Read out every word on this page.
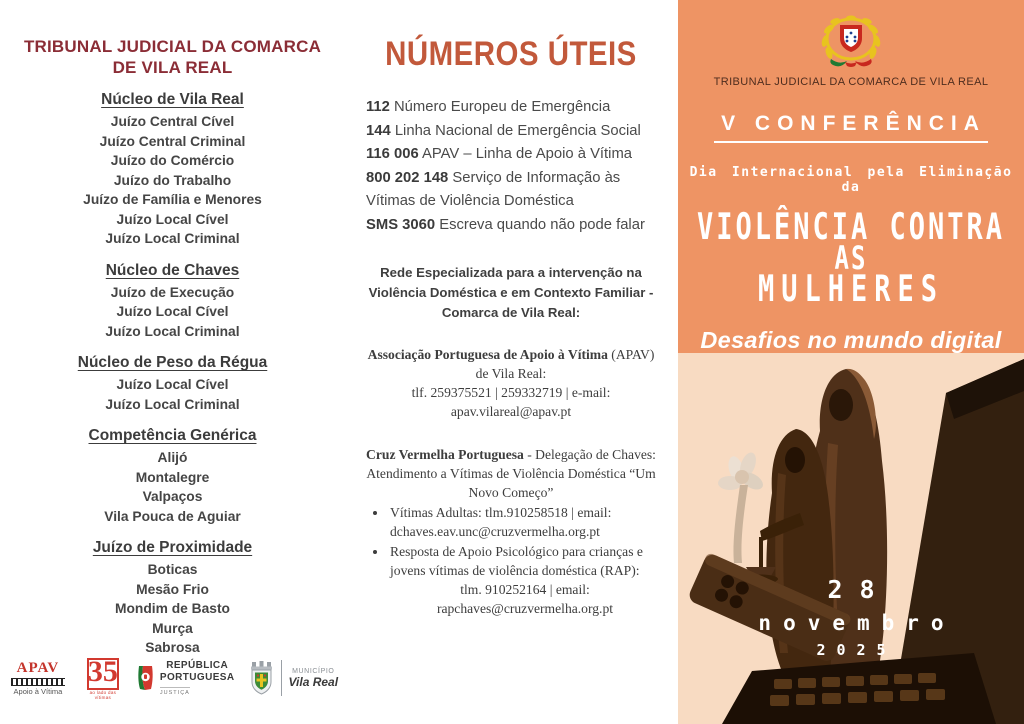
TRIBUNAL JUDICIAL DA COMARCA DE VILA REAL
Núcleo de Vila Real
Juízo Central Cível
Juízo Central Criminal
Juízo do Comércio
Juízo do Trabalho
Juízo de Família e Menores
Juízo Local Cível
Juízo Local Criminal
Núcleo de Chaves
Juízo de Execução
Juízo Local Cível
Juízo Local Criminal
Núcleo de Peso da Régua
Juízo Local Cível
Juízo Local Criminal
Competência Genérica
Alijó
Montalegre
Valpaços
Vila Pouca de Aguiar
Juízo de Proximidade
Boticas
Mesão Frio
Mondim de Basto
Murça
Sabrosa
APAV
Apoio à Vítima
35
ao lado das vítimas
REPÚBLICA
PORTUGUESA
JUSTIÇA
MUNICÍPIO
Vila Real
NÚMEROS ÚTEIS
112 Número Europeu de Emergência
144 Linha Nacional de Emergência Social
116 006 APAV – Linha de Apoio à Vítima
800 202 148 Serviço de Informação às Vítimas de Violência Doméstica
SMS 3060 Escreva quando não pode falar
Rede Especializada para a intervenção na Violência Doméstica e em Contexto Familiar - Comarca de Vila Real:
Associação Portuguesa de Apoio à Vítima (APAV) de Vila Real:
tlf. 259375521 | 259332719 | e-mail:
apav.vilareal@apav.pt
Cruz Vermelha Portuguesa - Delegação de Chaves: Atendimento a Vítimas de Violência Doméstica “Um Novo Começo”
• Vítimas Adultas: tlm.910258518 | email: dchaves.eav.unc@cruzvermelha.org.pt
• Resposta de Apoio Psicológico para crianças e jovens vítimas de violência doméstica (RAP):
tlm. 910252164 | email: rapchaves@cruzvermelha.org.pt
TRIBUNAL JUDICIAL DA COMARCA DE VILA REAL
V CONFERÊNCIA
Dia Internacional pela Eliminação da
VIOLÊNCIA CONTRA
AS
MULHERES
Desafios no mundo digital
28
novembro
2025
